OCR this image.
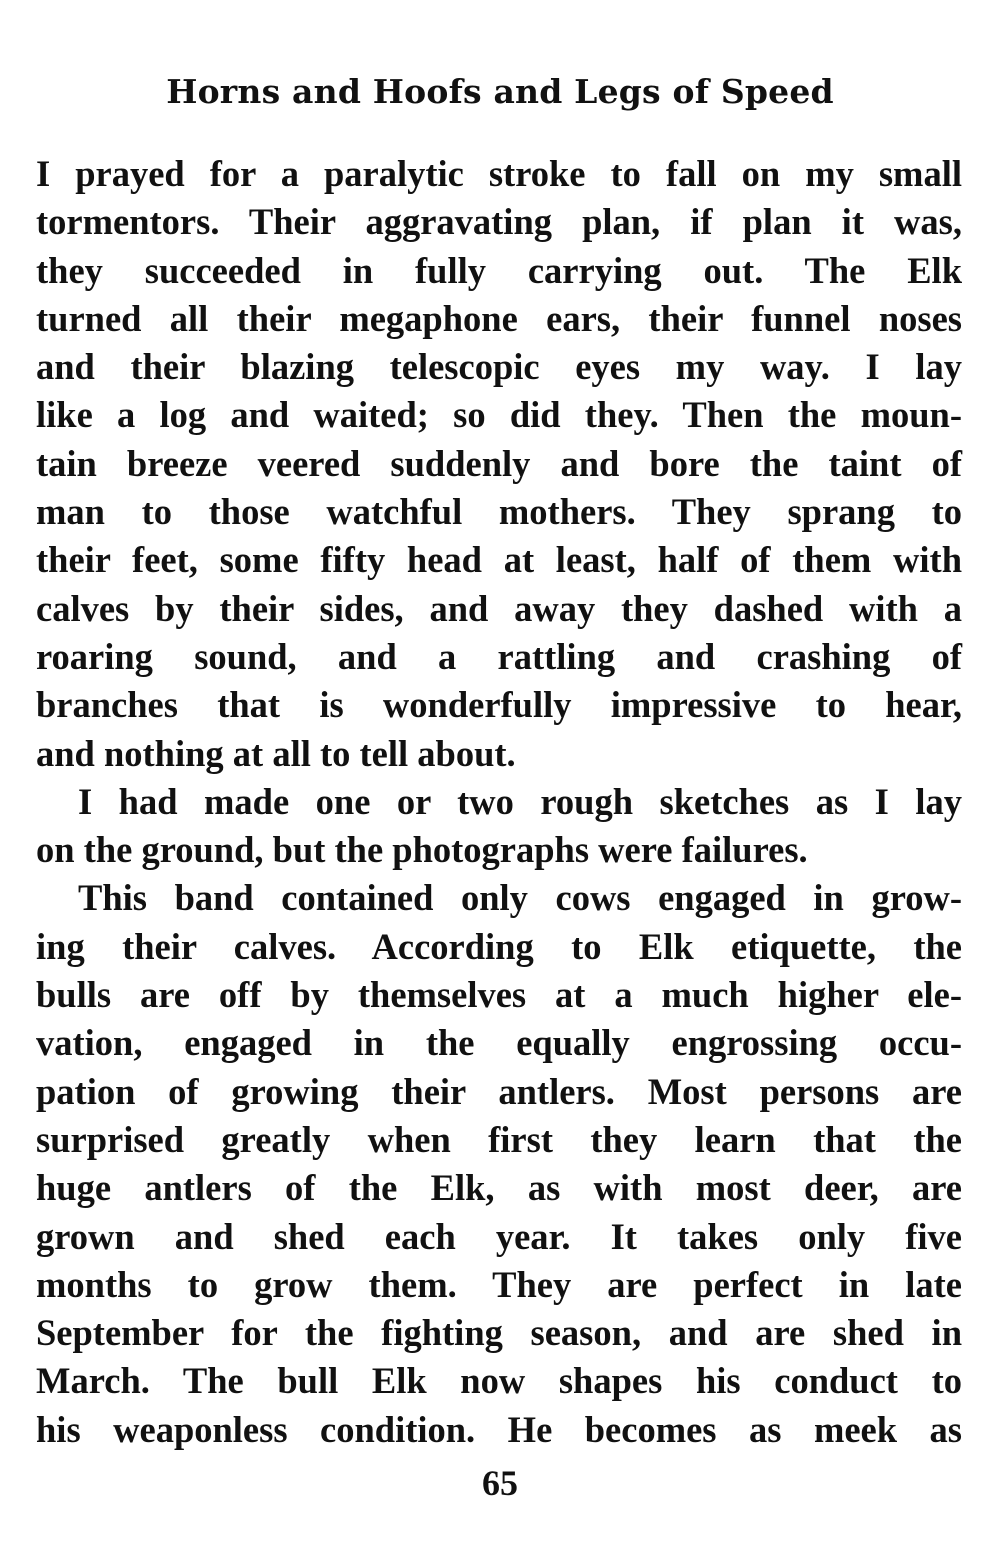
Horns and Hoofs and Legs of Speed
I prayed for a paralytic stroke to fall on my small
tormentors. Their aggravating plan, if plan it was,
they succeeded in fully carrying out. The Elk
turned all their megaphone ears, their funnel noses
and their blazing telescopic eyes my way. I lay
like a log and waited; so did they. Then the moun-
tain breeze veered suddenly and bore the taint of
man to those watchful mothers. They sprang to
their feet, some fifty head at least, half of them with
calves by their sides, and away they dashed with a
roaring sound, and a rattling and crashing of
branches that is wonderfully impressive to hear,
and nothing at all to tell about.
I had made one or two rough sketches as I lay
on the ground, but the photographs were failures.
This band contained only cows engaged in grow-
ing their calves. According to Elk etiquette, the
bulls are off by themselves at a much higher ele-
vation, engaged in the equally engrossing occu-
pation of growing their antlers. Most persons are
surprised greatly when first they learn that the
huge antlers of the Elk, as with most deer, are
grown and shed each year. It takes only five
months to grow them. They are perfect in late
September for the fighting season, and are shed in
March. The bull Elk now shapes his conduct to
his weaponless condition. He becomes as meek as
65
